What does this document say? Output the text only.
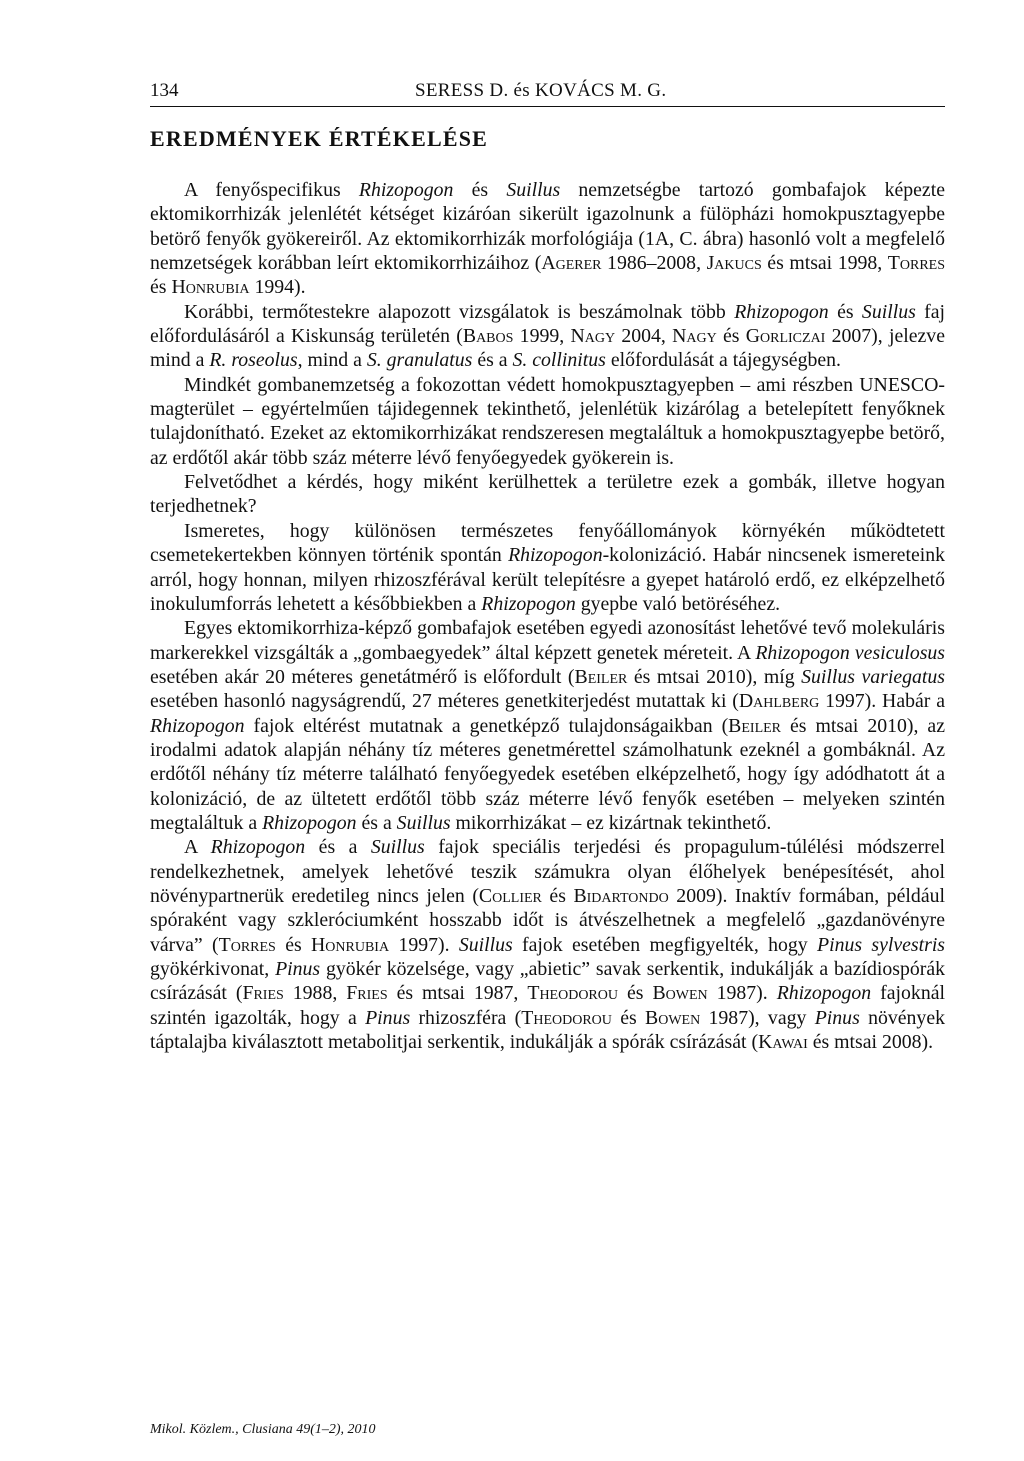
134	SERESS D. és KOVÁCS M. G.
EREDMÉNYEK ÉRTÉKELÉSE

A fenyőspecifikus Rhizopogon és Suillus nemzetségbe tartozó gombafajok képezte ektomikorrhizák jelenlétét kétséget kizáróan sikerült igazolnunk a fülöpházi homokpusztagyepbe betörő fenyők gyökereiről. Az ektomikorrhizák morfológiája (1A, C. ábra) hasonló volt a megfelelő nemzetségek korábban leírt ektomikorrhizáihoz (Agerer 1986–2008, Jakucs és mtsai 1998, Torres és Honrubia 1994).

Korábbi, termőtestekre alapozott vizsgálatok is beszámolnak több Rhizopogon és Suillus faj előfordulásáról a Kiskunság területén (Babos 1999, Nagy 2004, Nagy és Gorliczai 2007), jelezve mind a R. roseolus, mind a S. granulatus és a S. collinitus előfordulását a tájegységben.

Mindkét gombanemzetség a fokozottan védett homokpusztagyepben – ami részben UNESCO-magterület – egyértelműen tájidegennek tekinthető, jelenlétük kizárólag a betelepített fenyőknek tulajdonítható. Ezeket az ektomikorrhizákat rendszeresen megtaláltuk a homokpusztagyepbe betörő, az erdőtől akár több száz méterre lévő fenyőegyedek gyökerein is.

Felvetődhet a kérdés, hogy miként kerülhettek a területre ezek a gombák, illetve hogyan terjedhetnek?

Ismeretes, hogy különösen természetes fenyőállományok környékén működtetett csemetekertekben könnyen történik spontán Rhizopogon-kolonizáció. Habár nincsenek ismereteink arról, hogy honnan, milyen rhizoszférával került telepítésre a gyepet határoló erdő, ez elképzelhető inokulumforrás lehetett a későbbiekben a Rhizopogon gyepbe való betöréséhez.

Egyes ektomikorrhiza-képző gombafajok esetében egyedi azonosítást lehetővé tevő molekuláris markerekkel vizsgálták a „gombaegyedek” által képzett genetek méreteit. A Rhizopogon vesiculosus esetében akár 20 méteres genetátmérő is előfordult (Beiler és mtsai 2010), míg Suillus variegatus esetében hasonló nagyságrendű, 27 méteres genetkiterjedést mutattak ki (Dahlberg 1997). Habár a Rhizopogon fajok eltérést mutatnak a genetképző tulajdonságaikban (Beiler és mtsai 2010), az irodalmi adatok alapján néhány tíz méteres genetmérettel számolhatunk ezeknél a gombáknál. Az erdőtől néhány tíz méterre található fenyőegyedek esetében elképzelhető, hogy így adódhatott át a kolonizáció, de az ültetett erdőtől több száz méterre lévő fenyők esetében – melyeken szintén megtaláltuk a Rhizopogon és a Suillus mikorrhizákat – ez kizártnak tekinthető.

A Rhizopogon és a Suillus fajok speciális terjedési és propagulum-túlélési módszerrel rendelkezhetnek, amelyek lehetővé teszik számukra olyan élőhelyek benépesítését, ahol növénypartnerük eredetileg nincs jelen (Collier és Bidartondo 2009). Inaktív formában, például spóraként vagy szkleróciumként hosszabb időt is átvészelhetnek a megfelelő „gazdanövényre várva” (Torres és Honrubia 1997). Suillus fajok esetében megfigyelték, hogy Pinus sylvestris gyökérkivonat, Pinus gyökér közelsége, vagy „abietic” savak serkentik, indukálják a bazídiospórák csírázását (Fries 1988, Fries és mtsai 1987, Theodorou és Bowen 1987). Rhizopogon fajoknál szintén igazolták, hogy a Pinus rhizoszféra (Theodorou és Bowen 1987), vagy Pinus növények táptalajba kiválasztott metabolitjai serkentik, indukálják a spórák csírázását (Kawai és mtsai 2008).

Mikol. Közlem., Clusiana 49(1–2), 2010
